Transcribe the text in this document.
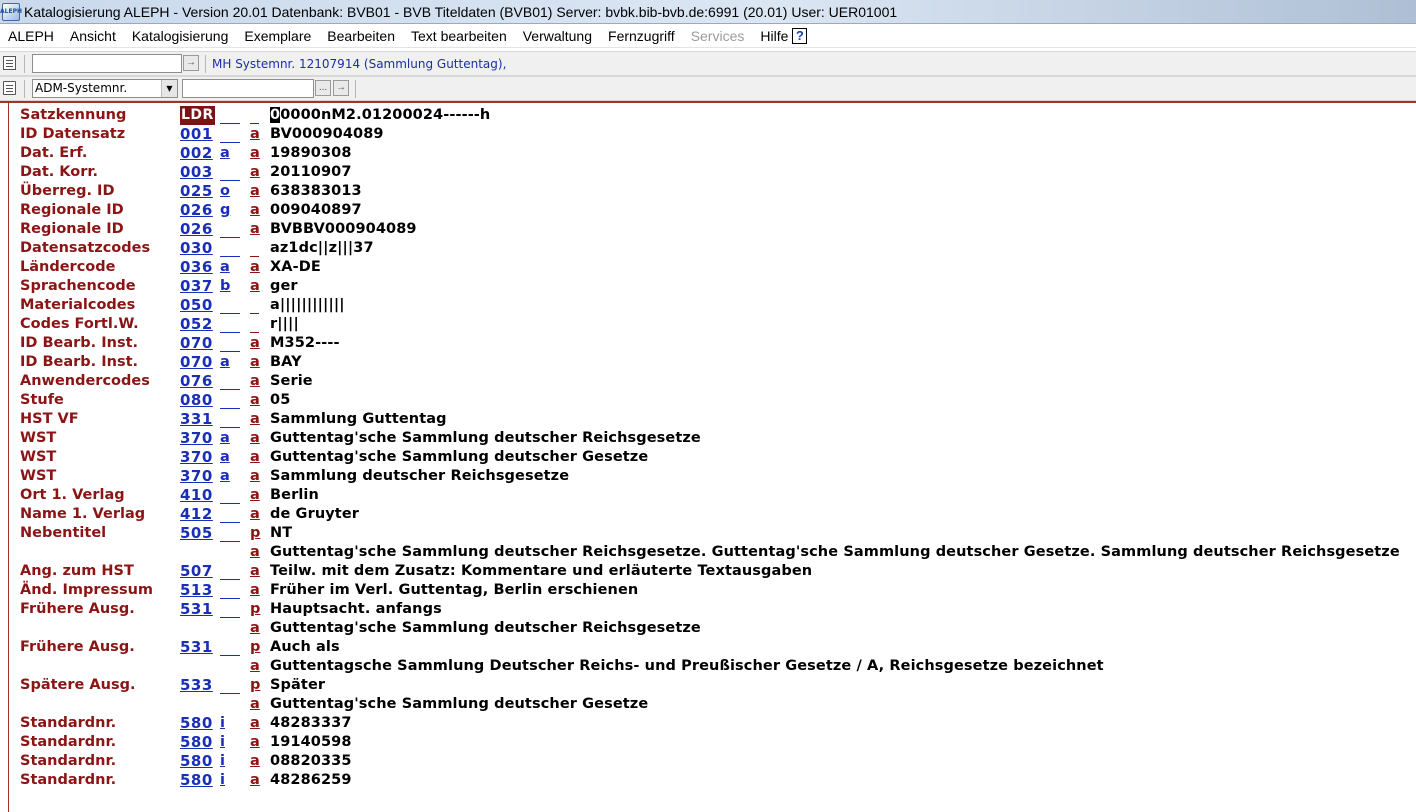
ALEPH Katalogisierung ALEPH - Version 20.01 Datenbank: BVB01 - BVB Titeldaten (BVB01) Server: bvbk.bib-bvb.de:6991 (20.01) User: UER01001
ALEPH	Ansicht	Katalogisierung	Exemplare	Bearbeiten	Text bearbeiten	Verwaltung	Fernzugriff	Services	Hilfe ?
→ MH Systemnr. 12107914 (Sammlung Guttentag),
ADM-Systemnr.	▼	... →
Satzkennung	LDR	00000nM2.01200024------h
ID Datensatz	001	a BV000904089
Dat. Erf.	002 a	a 19890308
Dat. Korr.	003	a 20110907
Überreg. ID	025 o	a 638383013
Regionale ID	026 g	a 009040897
Regionale ID	026	a BVBBV000904089
Datensatzcodes 030	az1dc||z|||37
Ländercode	036 a	a XA-DE
Sprachencode	037 b	a ger
Materialcodes	050	a||||||||||||
Codes Fortl.W.	052	r||||
ID Bearb. Inst.	070	a M352----
ID Bearb. Inst.	070 a	a BAY
Anwendercodes 076	a Serie
Stufe	080	a 05
HST VF	331	a Sammlung Guttentag
WST	370 a	a Guttentag'sche Sammlung deutscher Reichsgesetze
WST	370 a	a Guttentag'sche Sammlung deutscher Gesetze
WST	370 a	a Sammlung deutscher Reichsgesetze
Ort 1. Verlag	410	a Berlin
Name 1. Verlag 412	a de Gruyter
Nebentitel	505	p NT
a Guttentag'sche Sammlung deutscher Reichsgesetze. Guttentag'sche Sammlung deutscher Gesetze. Sammlung deutscher Reichsgesetze
Ang. zum HST	507	a Teilw. mit dem Zusatz: Kommentare und erläuterte Textausgaben
Änd. Impressum 513	a Früher im Verl. Guttentag, Berlin erschienen
Frühere Ausg.	531	p Hauptsacht. anfangs
a Guttentag'sche Sammlung deutscher Reichsgesetze
Frühere Ausg.	531	p Auch als
a Guttentagsche Sammlung Deutscher Reichs- und Preußischer Gesetze / A, Reichsgesetze bezeichnet
Spätere Ausg.	533	p Später
a Guttentag'sche Sammlung deutscher Gesetze
Standardnr.	580 i	a 48283337
Standardnr.	580 i	a 19140598
Standardnr.	580 i	a 08820335
Standardnr.	580 i	a 48286259
